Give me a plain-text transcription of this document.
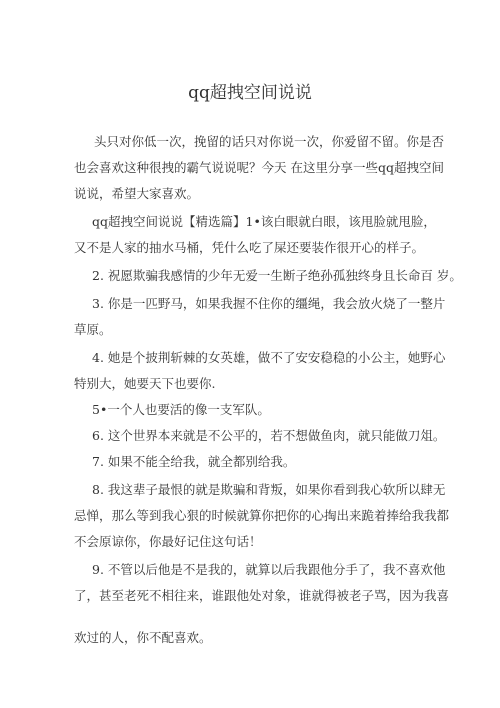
qq超拽空间说说
头只对你低一次，挽留的话只对你说一次，你爱留不留。你是否
也会喜欢这种很拽的霸气说说呢？今天 在这里分享一些qq超拽空间
说说，希望大家喜欢。
qq超拽空间说说【精选篇】1•该白眼就白眼，该甩脸就甩脸，
又不是人家的抽水马桶，凭什么吃了屎还要装作很开心的样子。
2. 祝愿欺骗我感情的少年无爱一生断子绝孙孤独终身且长命百 岁。
3. 你是一匹野马，如果我握不住你的缰绳，我会放火烧了一整片
草原。
4. 她是个披荆斩棘的女英雄，做不了安安稳稳的小公主，她野心
特别大，她要天下也要你.
5•一个人也要活的像一支军队。
6. 这个世界本来就是不公平的，若不想做鱼肉，就只能做刀俎。
7. 如果不能全给我，就全都别给我。
8. 我这辈子最恨的就是欺骗和背叛，如果你看到我心软所以肆无
忌惮，那么等到我心狠的时候就算你把你的心掏出来跪着捧给我我都
不会原谅你，你最好记住这句话！
9. 不管以后他是不是我的，就算以后我跟他分手了，我不喜欢他
了，甚至老死不相往来，谁跟他处对象，谁就得被老子骂，因为我喜
欢过的人，你不配喜欢。
